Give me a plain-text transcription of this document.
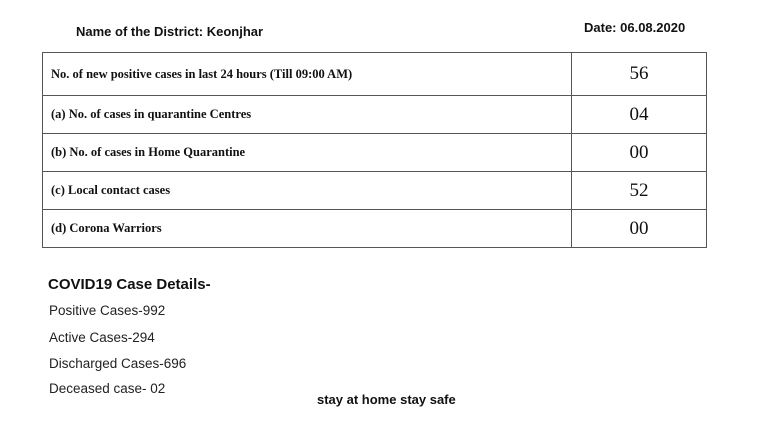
Name of the District: Keonjhar	Date: 06.08.2020
No. of new positive cases in last 24 hours (Till 09:00 AM)	56
(a) No. of cases in quarantine Centres	04
(b) No. of cases in Home Quarantine	00
(c) Local contact cases	52
(d) Corona Warriors	00
COVID19 Case Details-
Positive Cases-992
Active Cases-294
Discharged Cases-696
Deceased case- 02
stay at home stay safe
